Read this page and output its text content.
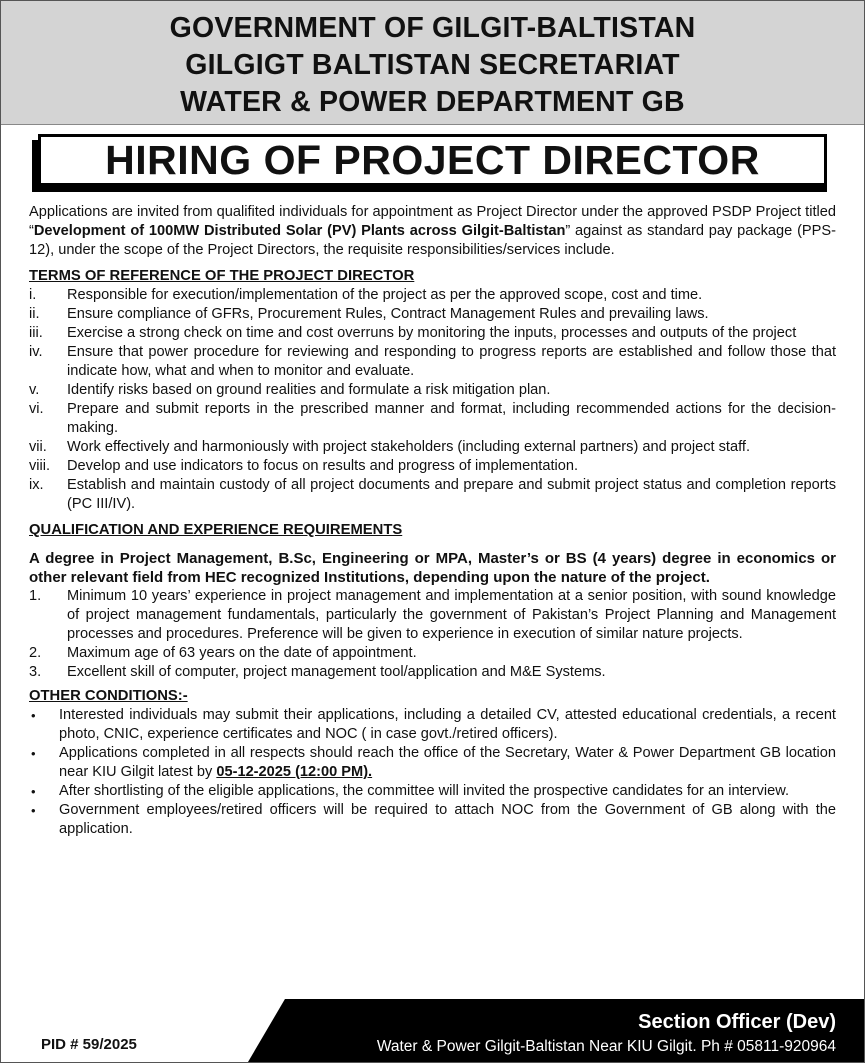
GOVERNMENT OF GILGIT-BALTISTAN
GILGIGT BALTISTAN SECRETARIAT
WATER & POWER DEPARTMENT GB
HIRING OF PROJECT DIRECTOR

Applications are invited from qualifited individuals for appointment as Project Director under the approved PSDP Project titled “Development of 100MW Distributed Solar (PV) Plants across Gilgit-Baltistan” against as standard pay package (PPS-12), under the scope of the Project Directors, the requisite responsibilities/services include.

TERMS OF REFERENCE OF THE PROJECT DIRECTOR
i. Responsible for execution/implementation of the project as per the approved scope, cost and time.
ii. Ensure compliance of GFRs, Procurement Rules, Contract Management Rules and prevailing laws.
iii. Exercise a strong check on time and cost overruns by monitoring the inputs, processes and outputs of the project
iv. Ensure that power procedure for reviewing and responding to progress reports are established and follow those that indicate how, what and when to monitor and evaluate.
v. Identify risks based on ground realities and formulate a risk mitigation plan.
vi. Prepare and submit reports in the prescribed manner and format, including recommended actions for the decision-making.
vii. Work effectively and harmoniously with project stakeholders (including external partners) and project staff.
viii. Develop and use indicators to focus on results and progress of implementation.
ix. Establish and maintain custody of all project documents and prepare and submit project status and completion reports (PC III/IV).
QUALIFICATION AND EXPERIENCE REQUIREMENTS
A degree in Project Management, B.Sc, Engineering or MPA, Master’s or BS (4 years) degree in economics or other relevant field from HEC recognized Institutions, depending upon the nature of the project.
1. Minimum 10 years’ experience in project management and implementation at a senior position, with sound knowledge of project management fundamentals, particularly the government of Pakistan’s Project Planning and Management processes and procedures. Preference will be given to experience in execution of similar nature projects.
2. Maximum age of 63 years on the date of appointment.
3. Excellent skill of computer, project management tool/application and M&E Systems.
OTHER CONDITIONS:-
• Interested individuals may submit their applications, including a detailed CV, attested educational credentials, a recent photo, CNIC, experience certificates and NOC ( in case govt./retired officers).
• Applications completed in all respects should reach the office of the Secretary, Water & Power Department GB location near KIU Gilgit latest by 05-12-2025 (12:00 PM).
• After shortlisting of the eligible applications, the committee will invited the prospective candidates for an interview.
• Government employees/retired officers will be required to attach NOC from the Government of GB along with the application.
PID # 59/2025
Section Officer (Dev)
Water & Power Gilgit-Baltistan Near KIU Gilgit. Ph # 05811-920964
